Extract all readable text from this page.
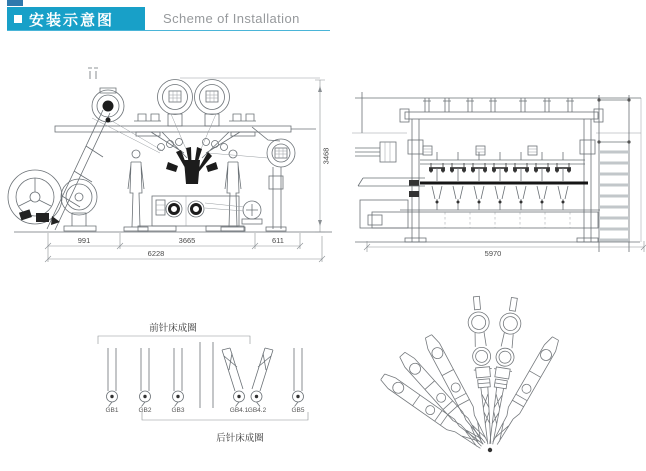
安装示意图	Scheme of Installation
991	3665	611
6228
3468
5970
前针床成圈
GB1	GB2	GB3	GB4.1 GB4.2	GB5
后针床成圈
